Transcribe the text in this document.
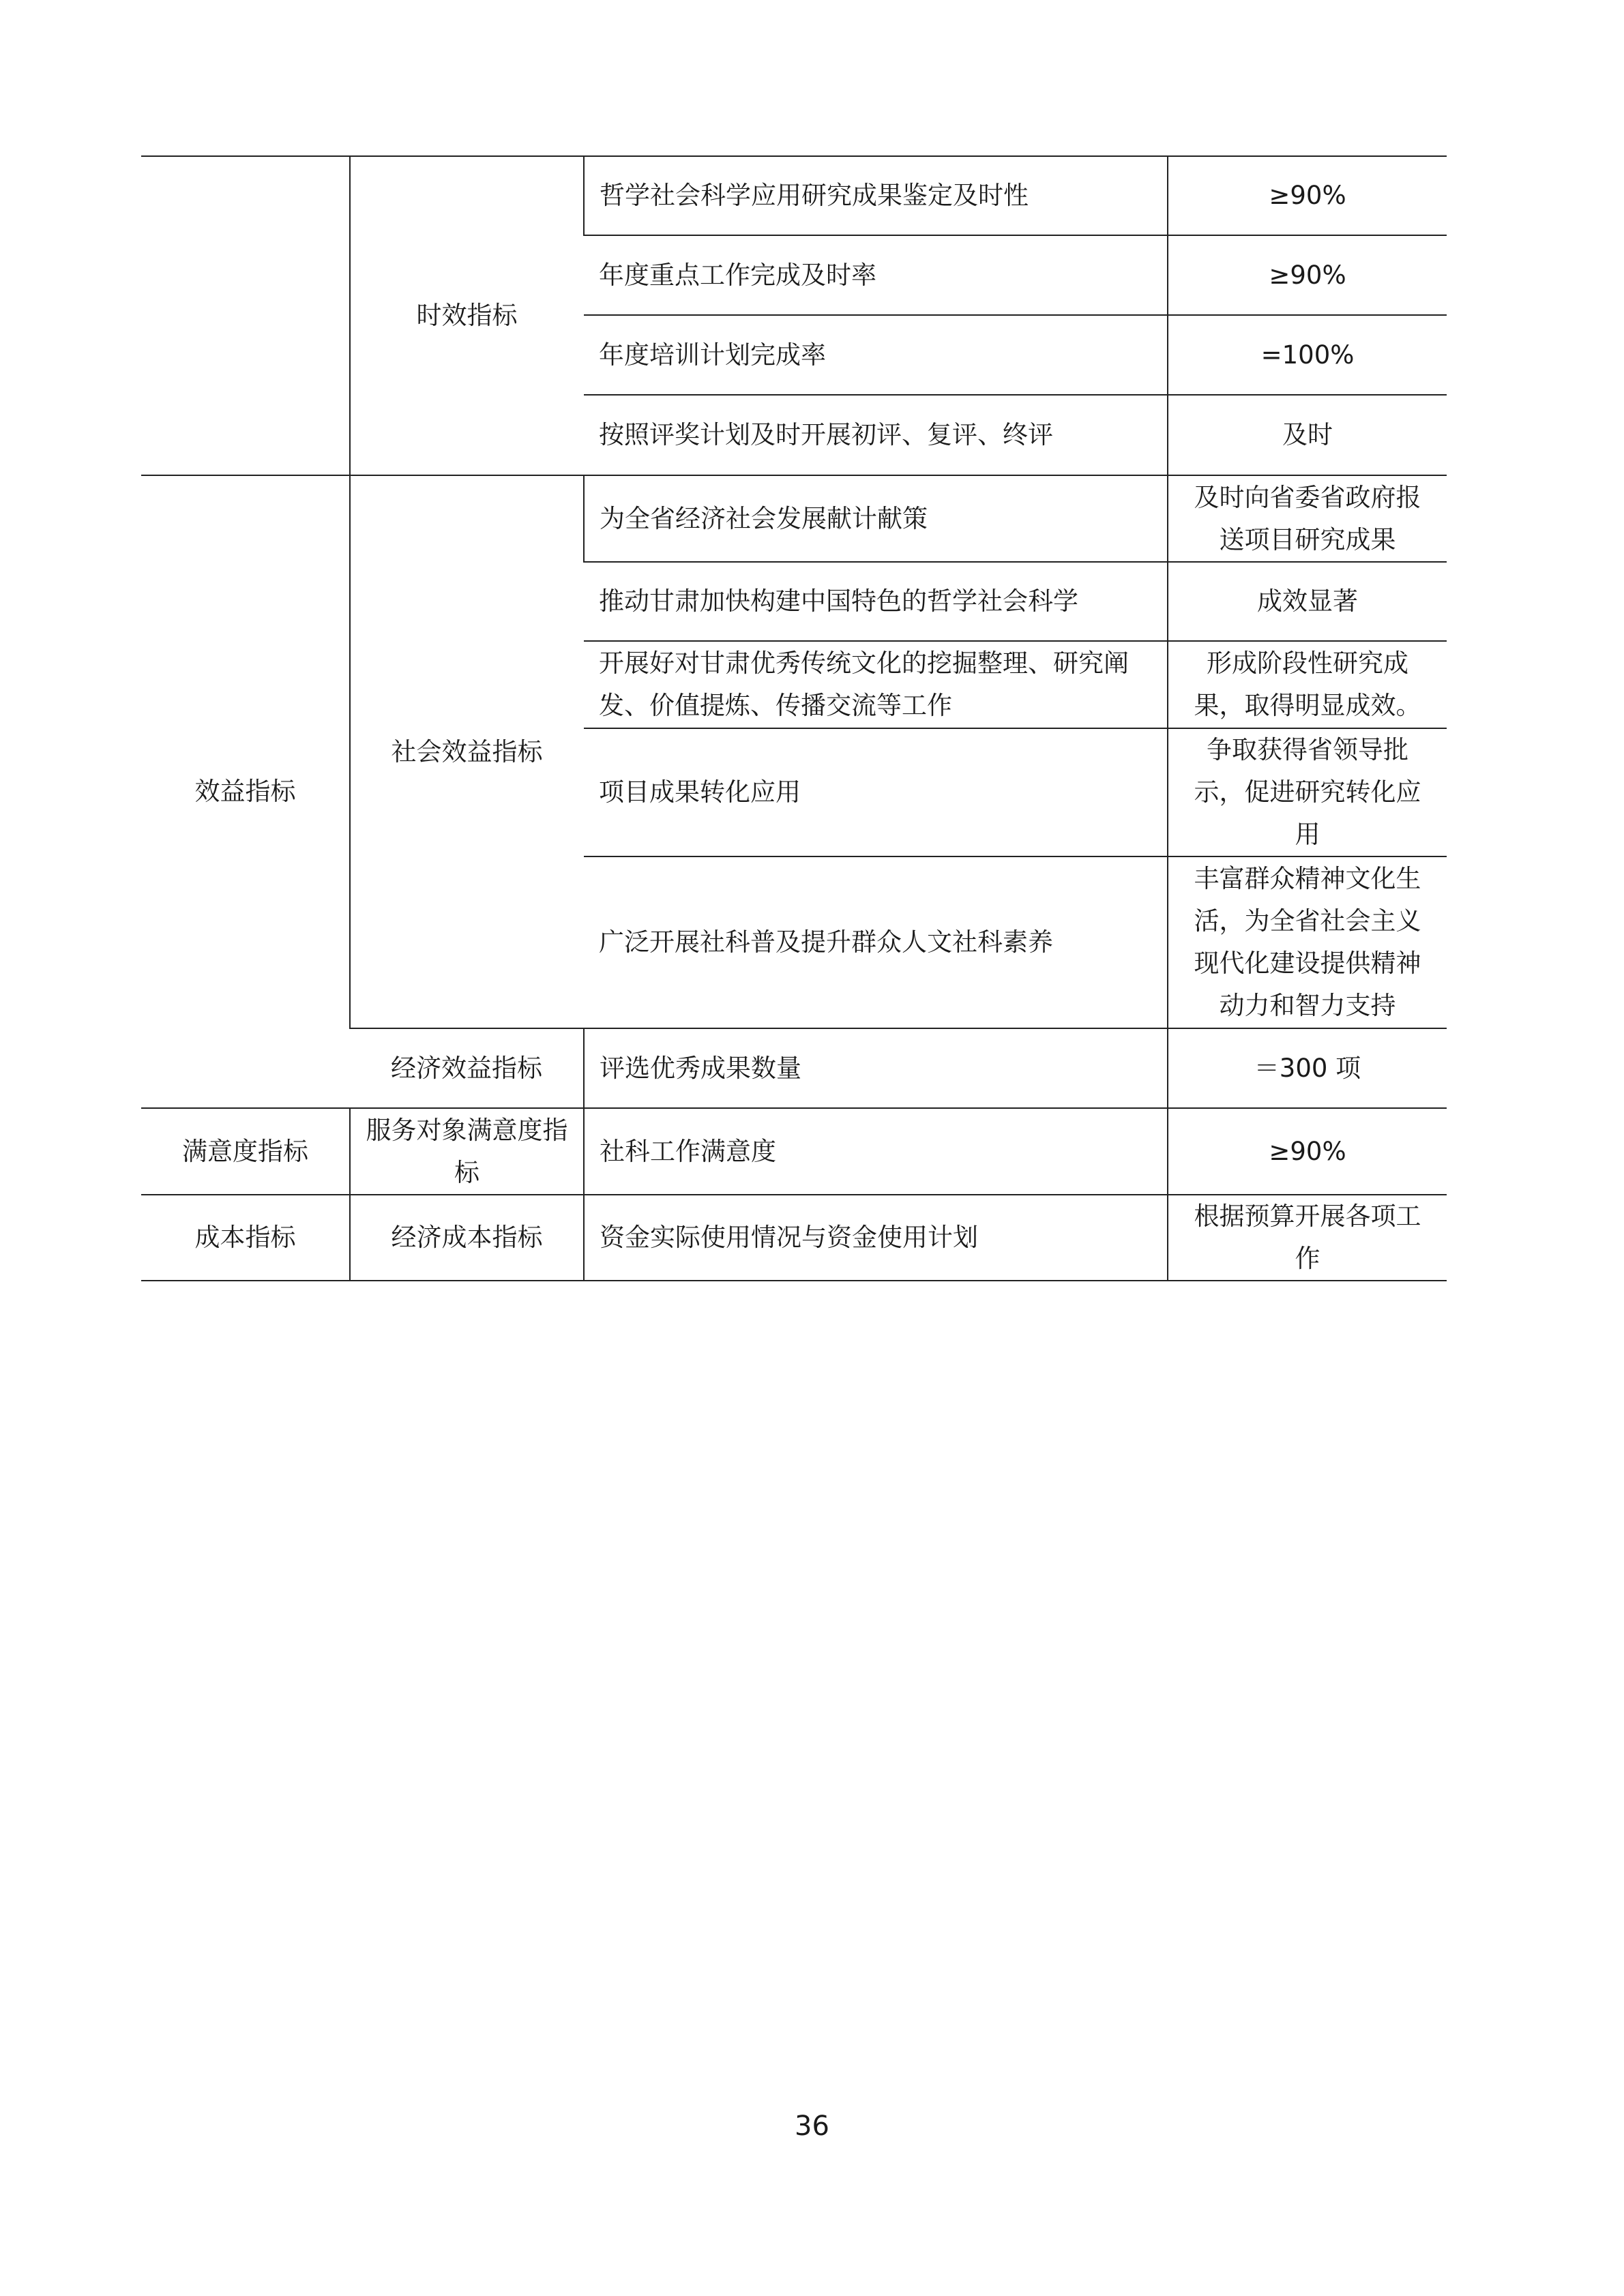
	时效指标	哲学社会科学应用研究成果鉴定及时性	≥90%
		年度重点工作完成及时率	≥90%
		年度培训计划完成率	=100%
		按照评奖计划及时开展初评、复评、终评	及时
效益指标	社会效益指标	为全省经济社会发展献计献策	及时向省委省政府报送项目研究成果
		推动甘肃加快构建中国特色的哲学社会科学	成效显著
		开展好对甘肃优秀传统文化的挖掘整理、研究阐发、价值提炼、传播交流等工作	形成阶段性研究成果，取得明显成效。
		项目成果转化应用	争取获得省领导批示，促进研究转化应用
		广泛开展社科普及提升群众人文社科素养	丰富群众精神文化生活，为全省社会主义现代化建设提供精神动力和智力支持
	经济效益指标	评选优秀成果数量	＝300 项
满意度指标	服务对象满意度指标	社科工作满意度	≥90%
成本指标	经济成本指标	资金实际使用情况与资金使用计划	根据预算开展各项工作
36
